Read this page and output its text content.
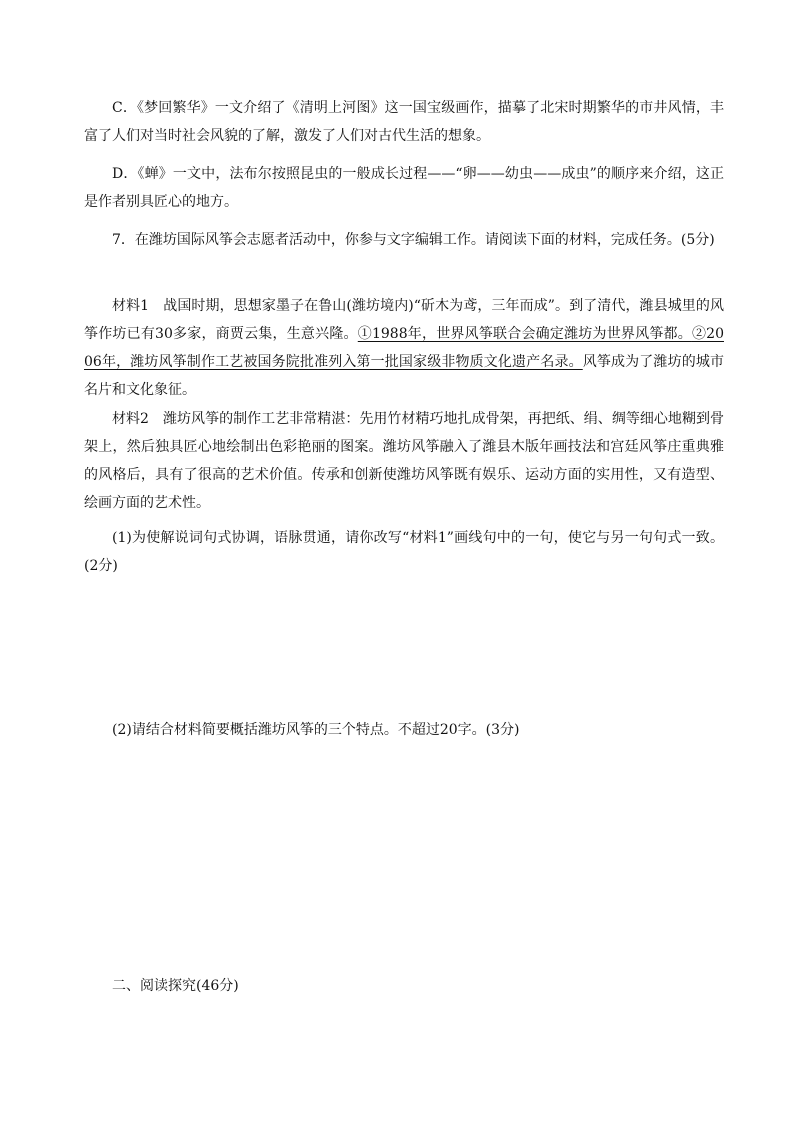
C．《梦回繁华》一文介绍了《清明上河图》这一国宝级画作，描摹了北宋时期繁华的市井风情，丰富了人们对当时社会风貌的了解，激发了人们对古代生活的想象。

D．《蝉》一文中，法布尔按照昆虫的一般成长过程——“卵——幼虫——成虫”的顺序来介绍，这正是作者别具匠心的地方。

7．在潍坊国际风筝会志愿者活动中，你参与文字编辑工作。请阅读下面的材料，完成任务。(5分)

材料1　战国时期，思想家墨子在鲁山(潍坊境内)“斫木为鸢，三年而成”。到了清代，潍县城里的风筝作坊已有30多家，商贾云集，生意兴隆。①1988年，世界风筝联合会确定潍坊为世界风筝都。②2006年，潍坊风筝制作工艺被国务院批准列入第一批国家级非物质文化遗产名录。风筝成为了潍坊的城市名片和文化象征。

材料2　潍坊风筝的制作工艺非常精湛：先用竹材精巧地扎成骨架，再把纸、绢、绸等细心地糊到骨架上，然后独具匠心地绘制出色彩艳丽的图案。潍坊风筝融入了潍县木版年画技法和宫廷风筝庄重典雅的风格后，具有了很高的艺术价值。传承和创新使潍坊风筝既有娱乐、运动方面的实用性，又有造型、绘画方面的艺术性。

(1)为使解说词句式协调，语脉贯通，请你改写“材料1”画线句中的一句，使它与另一句句式一致。(2分)

(2)请结合材料简要概括潍坊风筝的三个特点。不超过20字。(3分)

二、阅读探究(46分)
